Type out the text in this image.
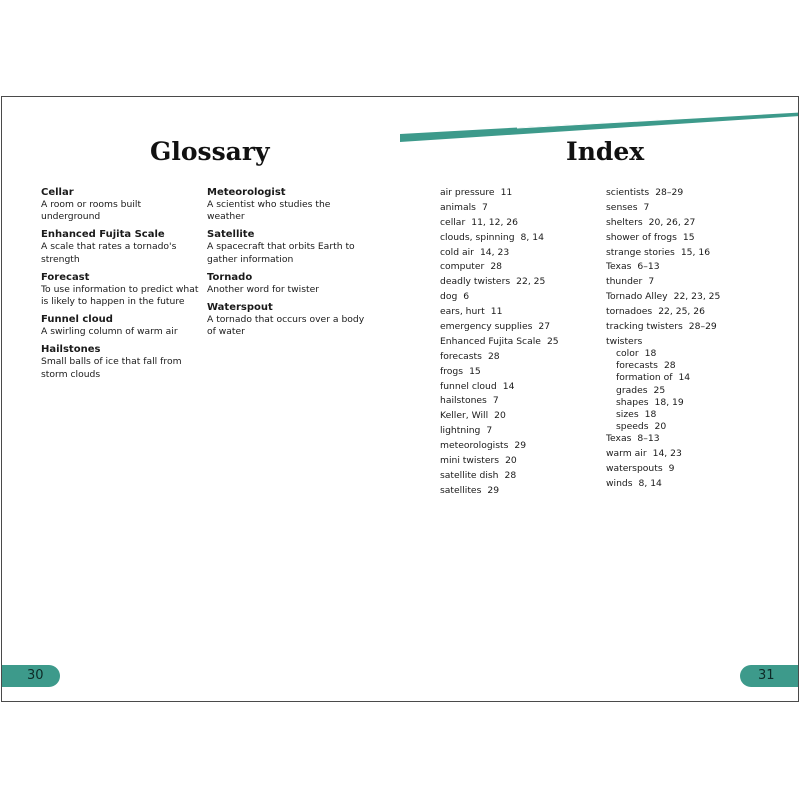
Glossary	Index
Cellar
A room or rooms built underground
Enhanced Fujita Scale
A scale that rates a tornado's strength
Forecast
To use information to predict what is likely to happen in the future
Funnel cloud
A swirling column of warm air
Hailstones
Small balls of ice that fall from storm clouds
Meteorologist
A scientist who studies the weather
Satellite
A spacecraft that orbits Earth to gather information
Tornado
Another word for twister
Waterspout
A tornado that occurs over a body of water
air pressure 11
animals 7
cellar 11, 12, 26
clouds, spinning 8, 14
cold air 14, 23
computer 28
deadly twisters 22, 25
dog 6
ears, hurt 11
emergency supplies 27
Enhanced Fujita Scale 25
forecasts 28
frogs 15
funnel cloud 14
hailstones 7
Keller, Will 20
lightning 7
meteorologists 29
mini twisters 20
satellite dish 28
satellites 29
scientists 28–29
senses 7
shelters 20, 26, 27
shower of frogs 15
strange stories 15, 16
Texas 6–13
thunder 7
Tornado Alley 22, 23, 25
tornadoes 22, 25, 26
tracking twisters 28–29
twisters
color 18
forecasts 28
formation of 14
grades 25
shapes 18, 19
sizes 18
speeds 20
Texas 8–13
warm air 14, 23
waterspouts 9
winds 8, 14
30	31
